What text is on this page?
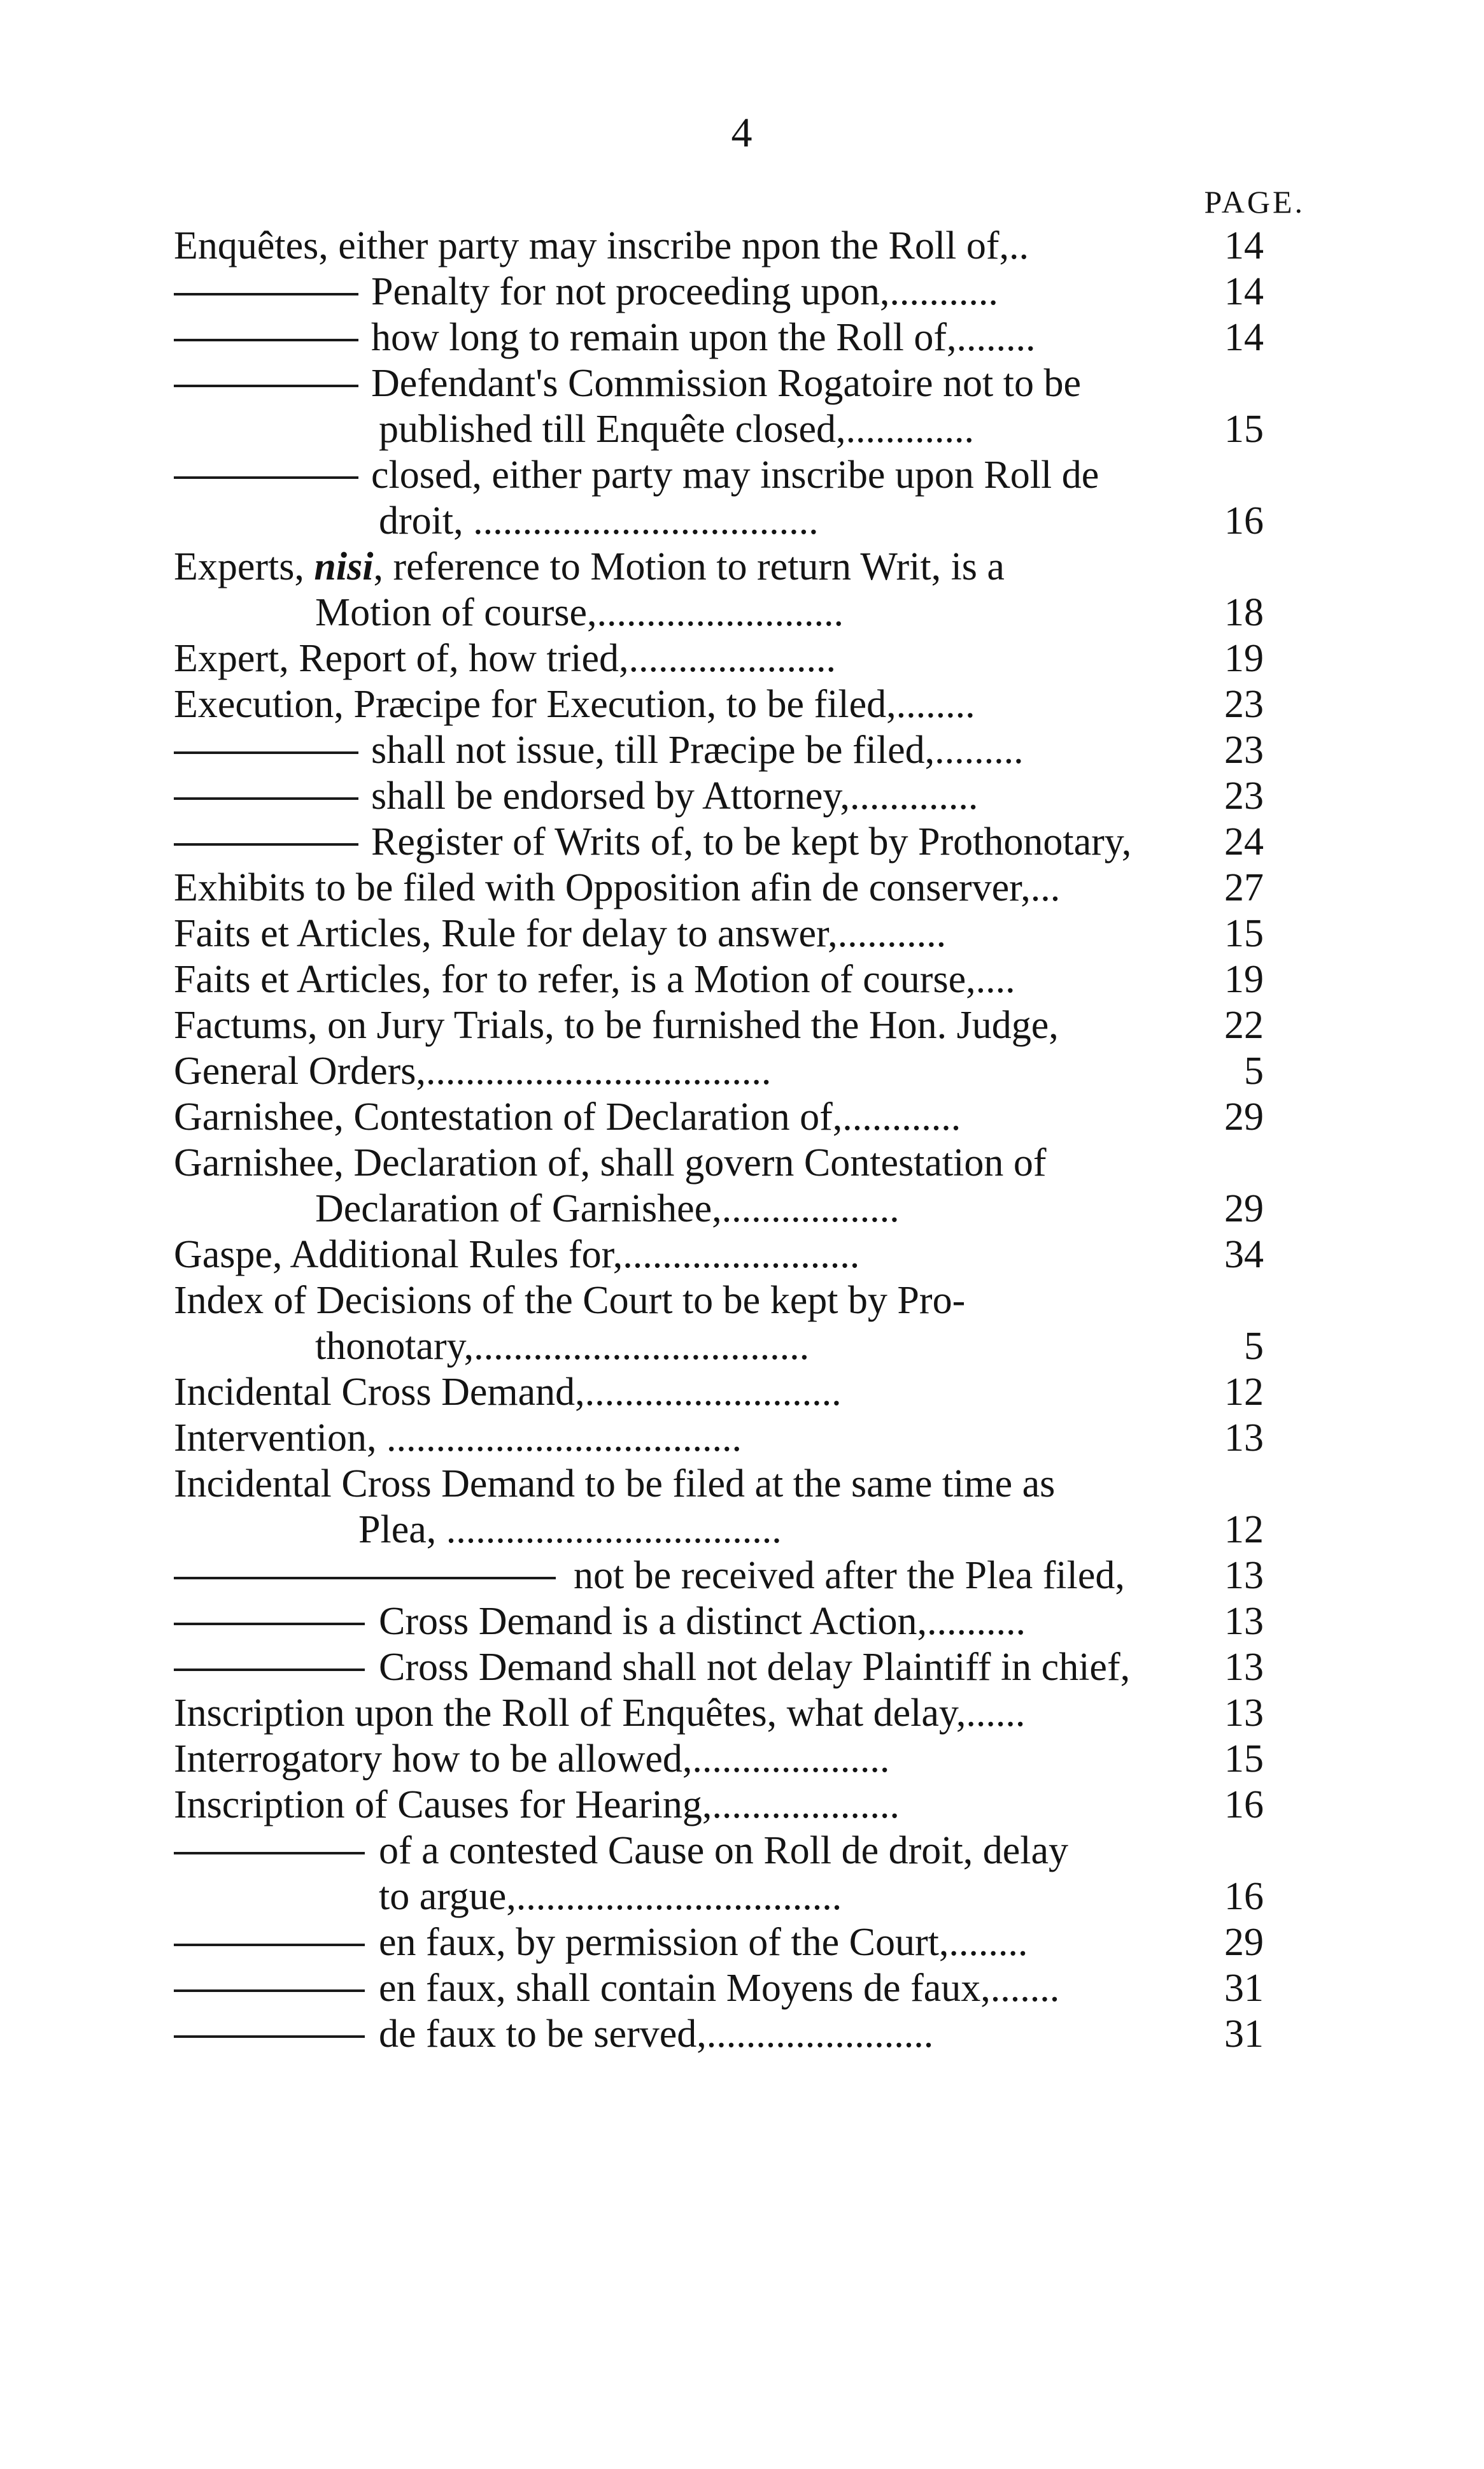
4
PAGE.
Enquêtes, either party may inscribe npon the Roll of,..	14
Penalty for not proceeding upon,...........	14
how long to remain upon the Roll of,........	14
Defendant's Commission Rogatoire not to be
published till Enquête closed,.............	15
closed, either party may inscribe upon Roll de
droit, ...................................	16
Experts, nisi, reference to Motion to return Writ, is a
Motion of course,.........................	18
Expert, Report of, how tried,.....................	19
Execution, Præcipe for Execution, to be filed,........	23
shall not issue, till Præcipe be filed,.........	23
shall be endorsed by Attorney,.............	23
Register of Writs of, to be kept by Prothonotary,	24
Exhibits to be filed with Opposition afin de conserver,...	27
Faits et Articles, Rule for delay to answer,...........	15
Faits et Articles, for to refer, is a Motion of course,....	19
Factums, on Jury Trials, to be furnished the Hon. Judge,	22
General Orders,...................................	5
Garnishee, Contestation of Declaration of,............	29
Garnishee, Declaration of, shall govern Contestation of
Declaration of Garnishee,..................	29
Gaspe, Additional Rules for,........................	34
Index of Decisions of the Court to be kept by Pro-
thonotary,..................................	5
Incidental Cross Demand,..........................	12
Intervention, ....................................	13
Incidental Cross Demand to be filed at the same time as
Plea, ..................................	12
not be received after the Plea filed,	13
Cross Demand is a distinct Action,..........	13
Cross Demand shall not delay Plaintiff in chief,	13
Inscription upon the Roll of Enquêtes, what delay,......	13
Interrogatory how to be allowed,....................	15
Inscription of Causes for Hearing,...................	16
of a contested Cause on Roll de droit, delay
to argue,.................................	16
en faux, by permission of the Court,........	29
en faux, shall contain Moyens de faux,.......	31
de faux to be served,.......................	31
